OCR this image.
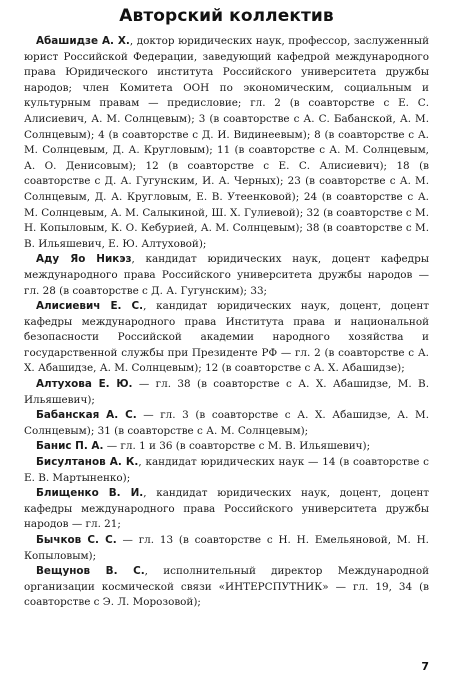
Авторский коллектив

Абашидзе А. Х., доктор юридических наук, профессор, заслуженный юрист Российской Федерации, заведующий кафедрой международного права Юридического института Российского университета дружбы народов; член Комитета ООН по экономическим, социальным и культурным правам — предисловие; гл. 2 (в соавторстве с Е. С. Алисиевич, А. М. Солнцевым); 3 (в соавторстве с А. С. Бабанской, А. М. Солнцевым); 4 (в соавторстве с Д. И. Видинеевым); 8 (в соавторстве с А. М. Солнцевым, Д. А. Кругловым); 11 (в соавторстве с А. М. Солнцевым, А. О. Денисовым); 12 (в соавторстве с Е. С. Алисиевич); 18 (в соавторстве с Д. А. Гугунским, И. А. Черных); 23 (в соавторстве с А. М. Солнцевым, Д. А. Кругловым, Е. В. Утеенковой); 24 (в соавторстве с А. М. Солнцевым, А. М. Салыкиной, Ш. Х. Гулиевой); 32 (в соавторстве с М. Н. Копыловым, К. О. Кебурией, А. М. Солнцевым); 38 (в соавторстве с М. В. Ильяшевич, Е. Ю. Алтуховой);

Аду Яо Никэз, кандидат юридических наук, доцент кафедры международного права Российского университета дружбы народов — гл. 28 (в соавторстве с Д. А. Гугунским); 33;

Алисиевич Е. С., кандидат юридических наук, доцент, доцент кафедры международного права Института права и национальной безопасности Российской академии народного хозяйства и государственной службы при Президенте РФ — гл. 2 (в соавторстве с А. Х. Абашидзе, А. М. Солнцевым); 12 (в соавторстве с А. Х. Абашидзе);

Алтухова Е. Ю. — гл. 38 (в соавторстве с А. Х. Абашидзе, М. В. Ильяшевич);

Бабанская А. С. — гл. 3 (в соавторстве с А. Х. Абашидзе, А. М. Солнцевым); 31 (в соавторстве с А. М. Солнцевым);

Банис П. А. — гл. 1 и 36 (в соавторстве с М. В. Ильяшевич);

Бисултанов А. К., кандидат юридических наук — 14 (в соавторстве с Е. В. Мартыненко);

Блищенко В. И., кандидат юридических наук, доцент, доцент кафедры международного права Российского университета дружбы народов — гл. 21;

Бычков С. С. — гл. 13 (в соавторстве с Н. Н. Емельяновой, М. Н. Копыловым);

Вещунов В. С., исполнительный директор Международной организации космической связи «ИНТЕРСПУТНИК» — гл. 19, 34 (в соавторстве с Э. Л. Морозовой);

7
